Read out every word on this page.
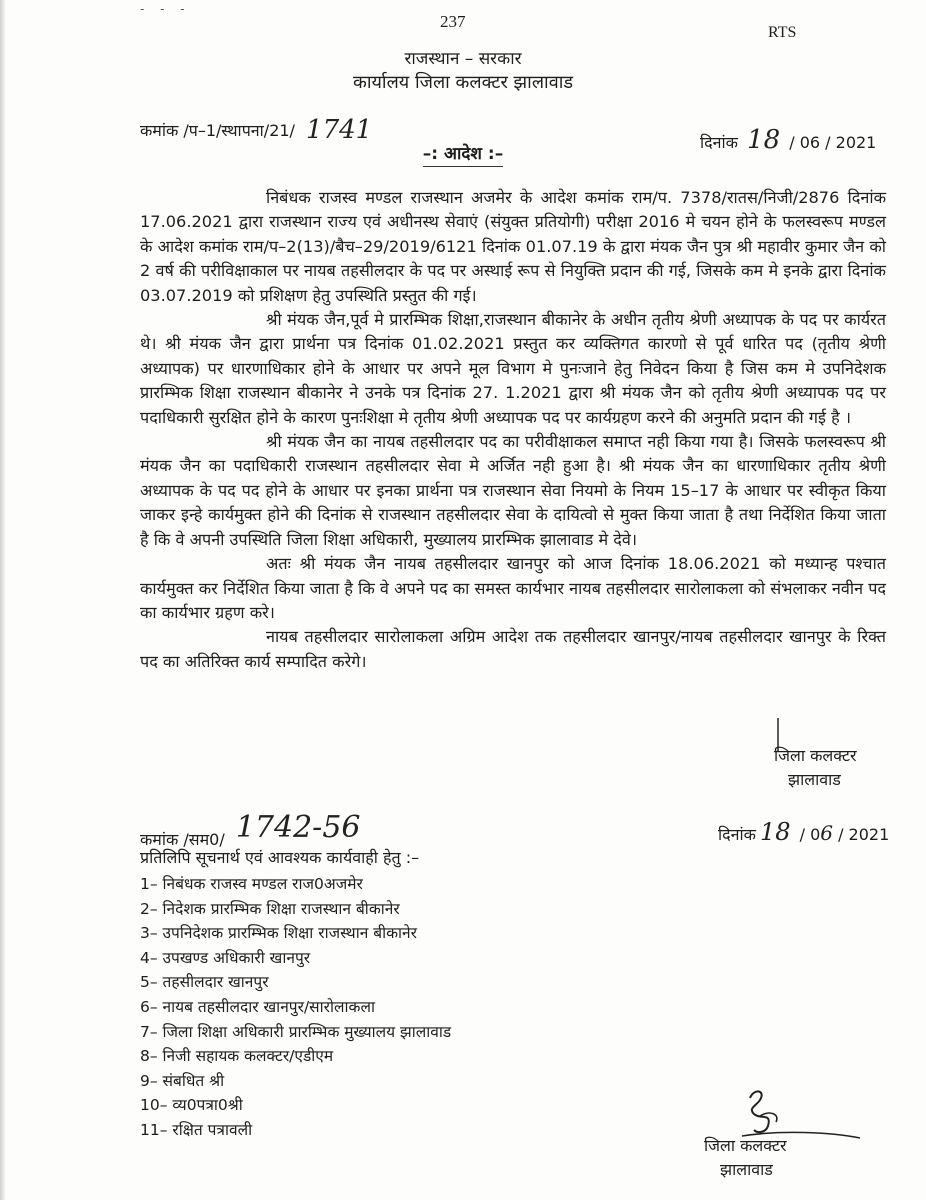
- - -
237
RTS
राजस्थान – सरकार
कार्यालय जिला कलक्टर झालावाड
कमांक /प–1/स्थापना/21/ 1741	दिनांक 18 / 06 / 2021
–: आदेश :–

निबंधक राजस्व मण्डल राजस्थान अजमेर के आदेश कमांक राम/प. 7378/रातस/निजी/2876 दिनांक 17.06.2021 द्वारा राजस्थान राज्य एवं अधीनस्थ सेवाएं (संयुक्त प्रतियोगी) परीक्षा 2016 मे चयन होने के फलस्वरूप मण्डल के आदेश कमांक राम/प–2(13)/बैच–29/2019/6121 दिनांक 01.07.19 के द्वारा मंयक जैन पुत्र श्री महावीर कुमार जैन को 2 वर्ष की परीविक्षाकाल पर नायब तहसीलदार के पद पर अस्थाई रूप से नियुक्ति प्रदान की गई, जिसके कम मे इनके द्वारा दिनांक 03.07.2019 को प्रशिक्षण हेतु उपस्थिति प्रस्तुत की गई।

श्री मंयक जैन,पूर्व मे प्रारम्भिक शिक्षा,राजस्थान बीकानेर के अधीन तृतीय श्रेणी अध्यापक के पद पर कार्यरत थे। श्री मंयक जैन द्वारा प्रार्थना पत्र दिनांक 01.02.2021 प्रस्तुत कर व्यक्तिगत कारणो से पूर्व धारित पद (तृतीय श्रेणी अध्यापक) पर धारणाधिकार होने के आधार पर अपने मूल विभाग मे पुनःजाने हेतु निवेदन किया है जिस कम मे उपनिदेशक प्रारम्भिक शिक्षा राजस्थान बीकानेर ने उनके पत्र दिनांक 27. 1.2021 द्वारा श्री मंयक जैन को तृतीय श्रेणी अध्यापक पद पर पदाधिकारी सुरक्षित होने के कारण पुनःशिक्षा मे तृतीय श्रेणी अध्यापक पद पर कार्यग्रहण करने की अनुमति प्रदान की गई है ।

श्री मंयक जैन का नायब तहसीलदार पद का परीवीक्षाकल समाप्त नही किया गया है। जिसके फलस्वरूप श्री मंयक जैन का पदाधिकारी राजस्थान तहसीलदार सेवा मे अर्जित नही हुआ है। श्री मंयक जैन का धारणाधिकार तृतीय श्रेणी अध्यापक के पद पद होने के आधार पर इनका प्रार्थना पत्र राजस्थान सेवा नियमो के नियम 15–17 के आधार पर स्वीकृत किया जाकर इन्हे कार्यमुक्त होने की दिनांक से राजस्थान तहसीलदार सेवा के दायित्वो से मुक्त किया जाता है तथा निर्देशित किया जाता है कि वे अपनी उपस्थिति जिला शिक्षा अधिकारी, मुख्यालय प्रारम्भिक झालावाड मे देवे।

अतः श्री मंयक जैन नायब तहसीलदार खानपुर को आज दिनांक 18.06.2021 को मध्यान्ह पश्चात कार्यमुक्त कर निर्देशित किया जाता है कि वे अपने पद का समस्त कार्यभार नायब तहसीलदार सारोलाकला को संभलाकर नवीन पद का कार्यभार ग्रहण करे।

नायब तहसीलदार सारोलाकला अग्रिम आदेश तक तहसीलदार खानपुर/नायब तहसीलदार खानपुर के रिक्त पद का अतिरिक्त कार्य सम्पादित करेगे।

जिला कलक्टर
झालावाड
कमांक /सम0/ 1742-56	दिनांक 18 / 06 / 2021
प्रतिलिपि सूचनार्थ एवं आवश्यक कार्यवाही हेतु :–
1– निबंधक राजस्व मण्डल राज0अजमेर
2– निदेशक प्रारम्भिक शिक्षा राजस्थान बीकानेर
3– उपनिदेशक प्रारम्भिक शिक्षा राजस्थान बीकानेर
4– उपखण्ड अधिकारी खानपुर
5– तहसीलदार खानपुर
6– नायब तहसीलदार खानपुर/सारोलाकला
7– जिला शिक्षा अधिकारी प्रारम्भिक मुख्यालय झालावाड
8– निजी सहायक कलक्टर/एडीएम
9– संबधित श्री
10– व्य0पत्रा0श्री
11– रक्षित पत्रावली
जिला कलक्टर
झालावाड
